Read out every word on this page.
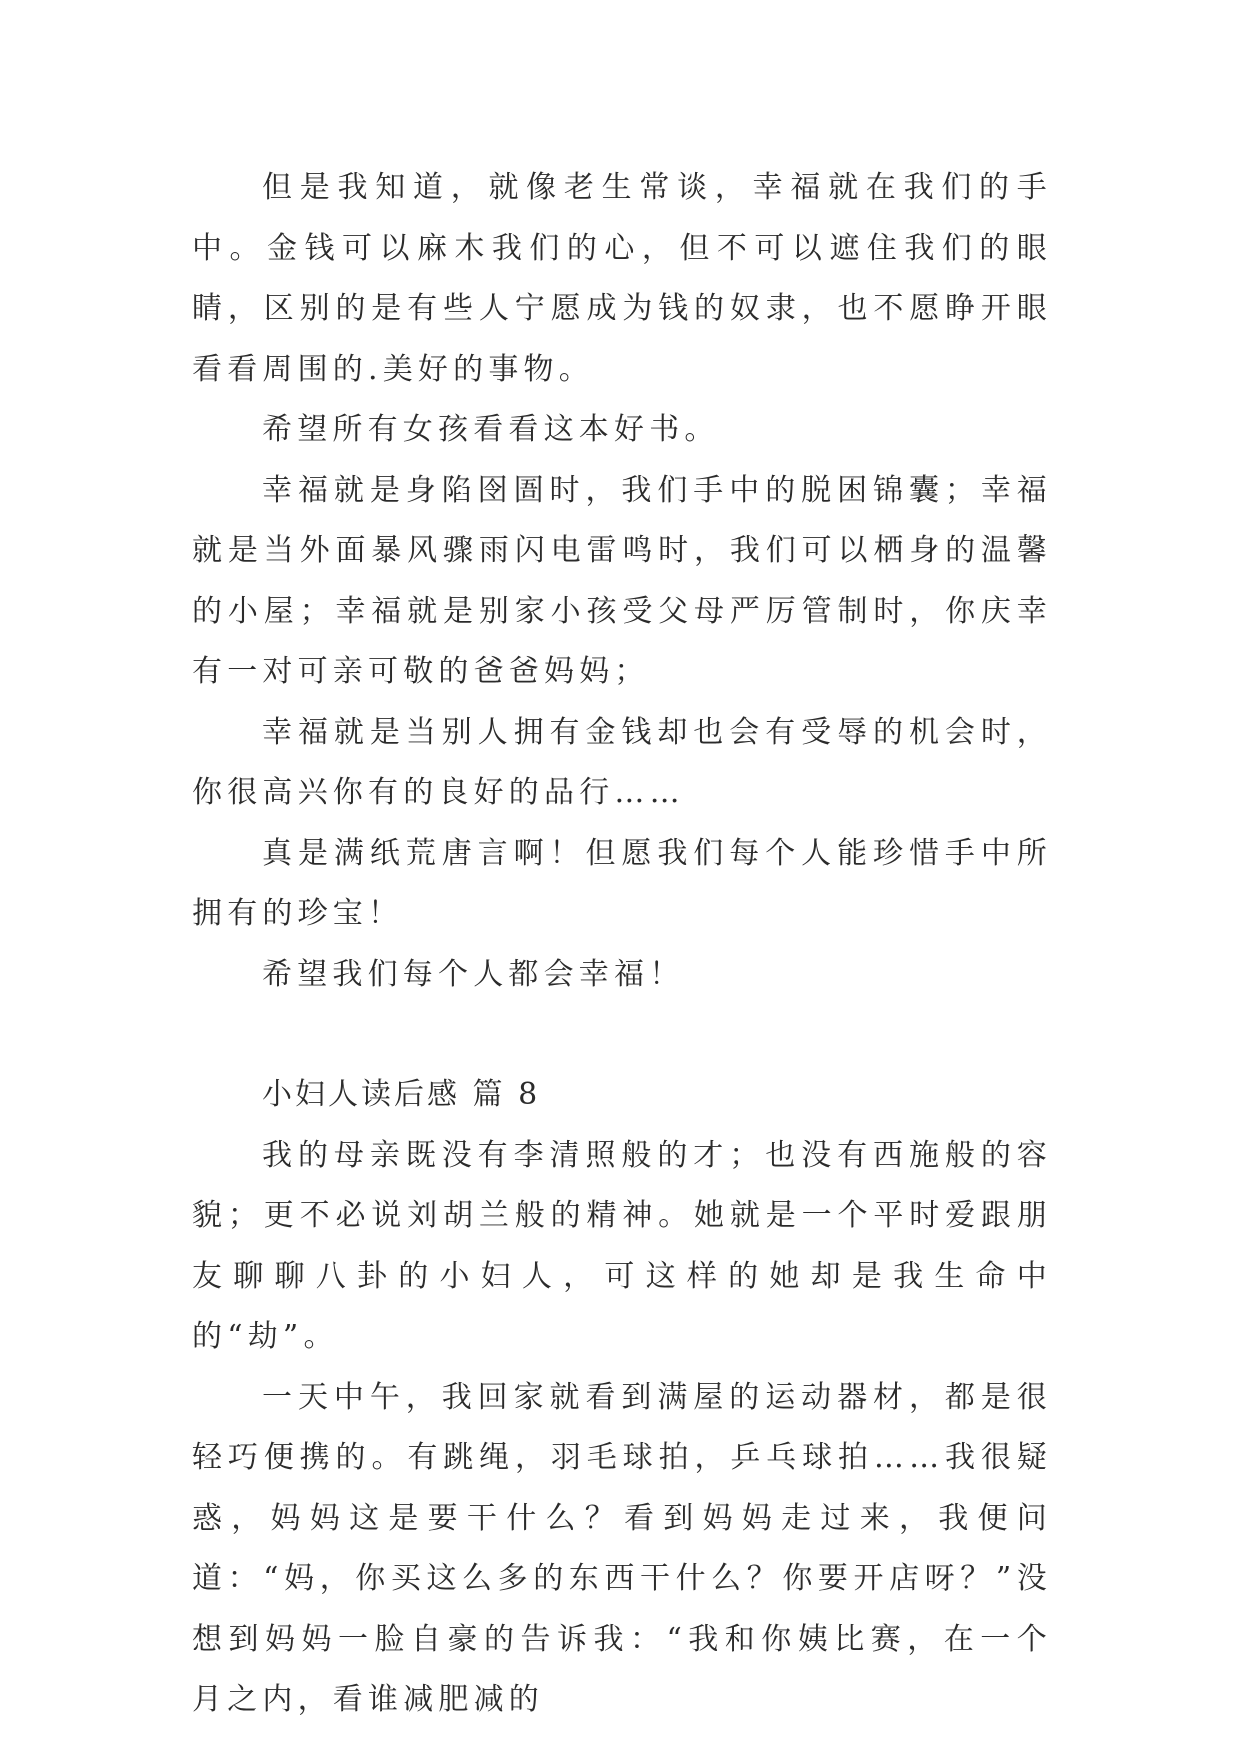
但是我知道，就像老生常谈，幸福就在我们的手中。金钱可以麻木我们的心，但不可以遮住我们的眼睛，区别的是有些人宁愿成为钱的奴隶，也不愿睁开眼看看周围的.美好的事物。

希望所有女孩看看这本好书。

幸福就是身陷囹圄时，我们手中的脱困锦囊；幸福就是当外面暴风骤雨闪电雷鸣时，我们可以栖身的温馨的小屋；幸福就是别家小孩受父母严厉管制时，你庆幸有一对可亲可敬的爸爸妈妈；

幸福就是当别人拥有金钱却也会有受辱的机会时，你很高兴你有的良好的品行……

真是满纸荒唐言啊！但愿我们每个人能珍惜手中所拥有的珍宝！

希望我们每个人都会幸福！

小妇人读后感 篇 8

我的母亲既没有李清照般的才；也没有西施般的容貌；更不必说刘胡兰般的精神。她就是一个平时爱跟朋友聊聊八卦的小妇人，可这样的她却是我生命中的“劫”。

一天中午，我回家就看到满屋的运动器材，都是很轻巧便携的。有跳绳，羽毛球拍，乒乓球拍……我很疑惑，妈妈这是要干什么？看到妈妈走过来，我便问道：“妈，你买这么多的东西干什么？你要开店呀？”没想到妈妈一脸自豪的告诉我：“我和你姨比赛，在一个月之内，看谁减肥减的
